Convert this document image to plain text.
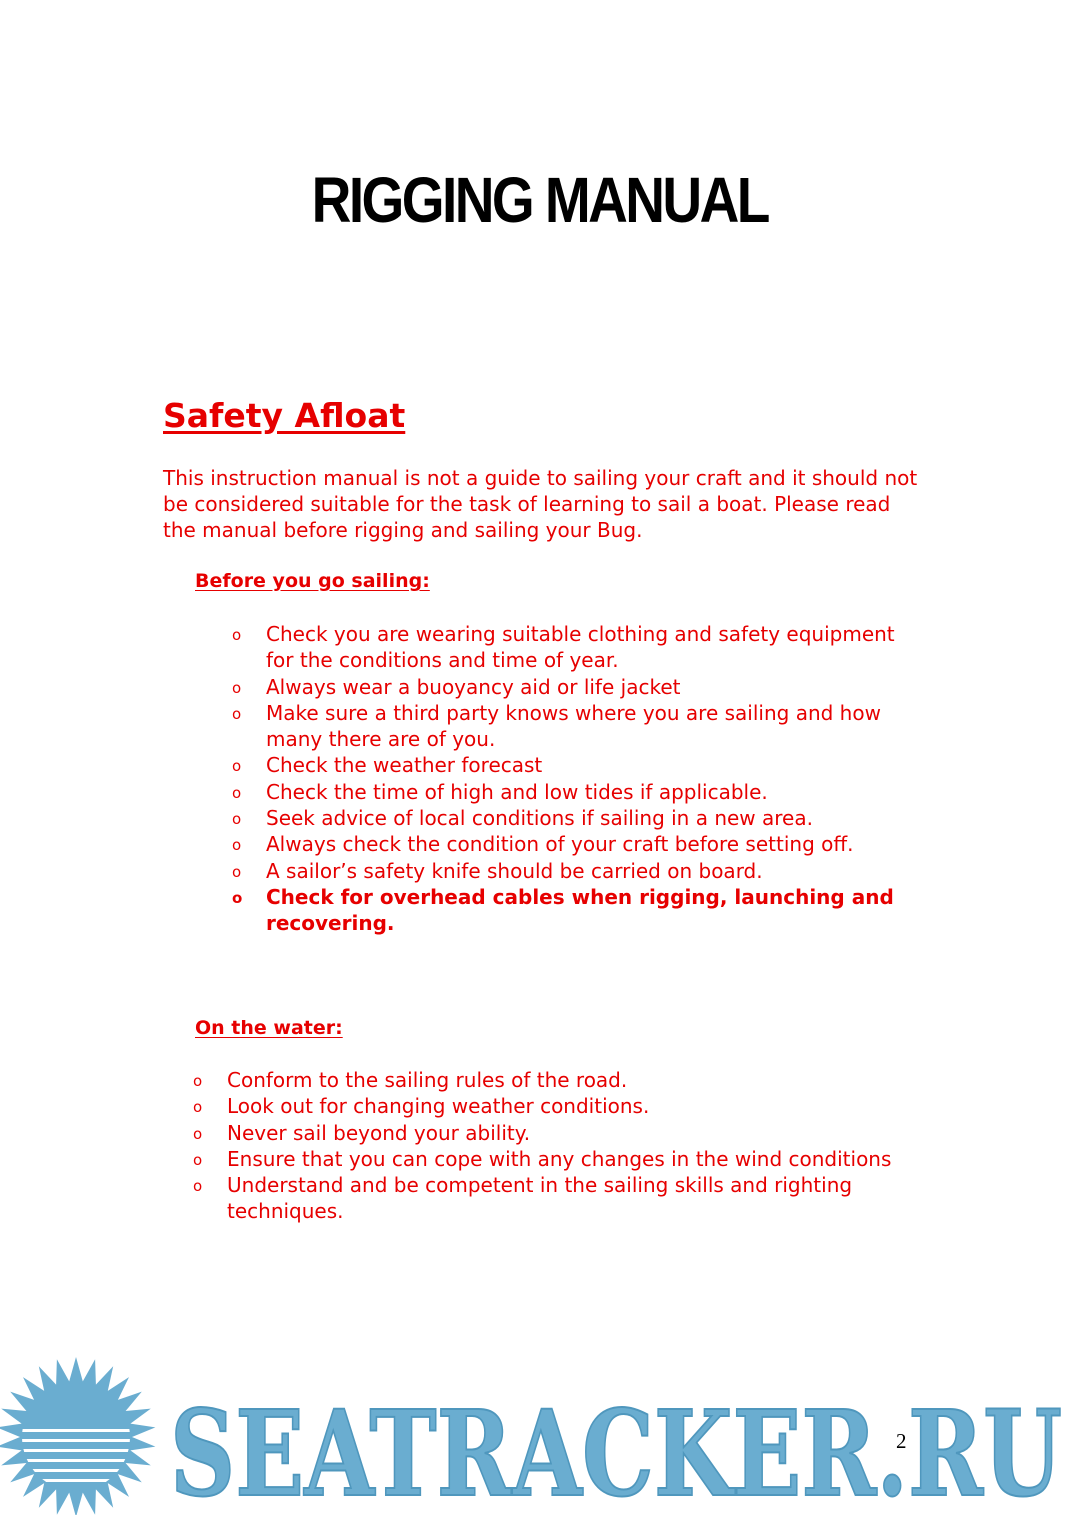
RIGGING MANUAL
Safety Afloat

This instruction manual is not a guide to sailing your craft and it should not be considered suitable for the task of learning to sail a boat. Please read the manual before rigging and sailing your Bug.

Before you go sailing:
o Check you are wearing suitable clothing and safety equipment for the conditions and time of year.
o Always wear a buoyancy aid or life jacket
o Make sure a third party knows where you are sailing and how many there are of you.
o Check the weather forecast
o Check the time of high and low tides if applicable.
o Seek advice of local conditions if sailing in a new area.
o Always check the condition of your craft before setting off.
o A sailor’s safety knife should be carried on board.
o Check for overhead cables when rigging, launching and recovering.
On the water:
o Conform to the sailing rules of the road.
o Look out for changing weather conditions.
o Never sail beyond your ability.
o Ensure that you can cope with any changes in the wind conditions
o Understand and be competent in the sailing skills and righting techniques.
SEATRACKER.RU
2
